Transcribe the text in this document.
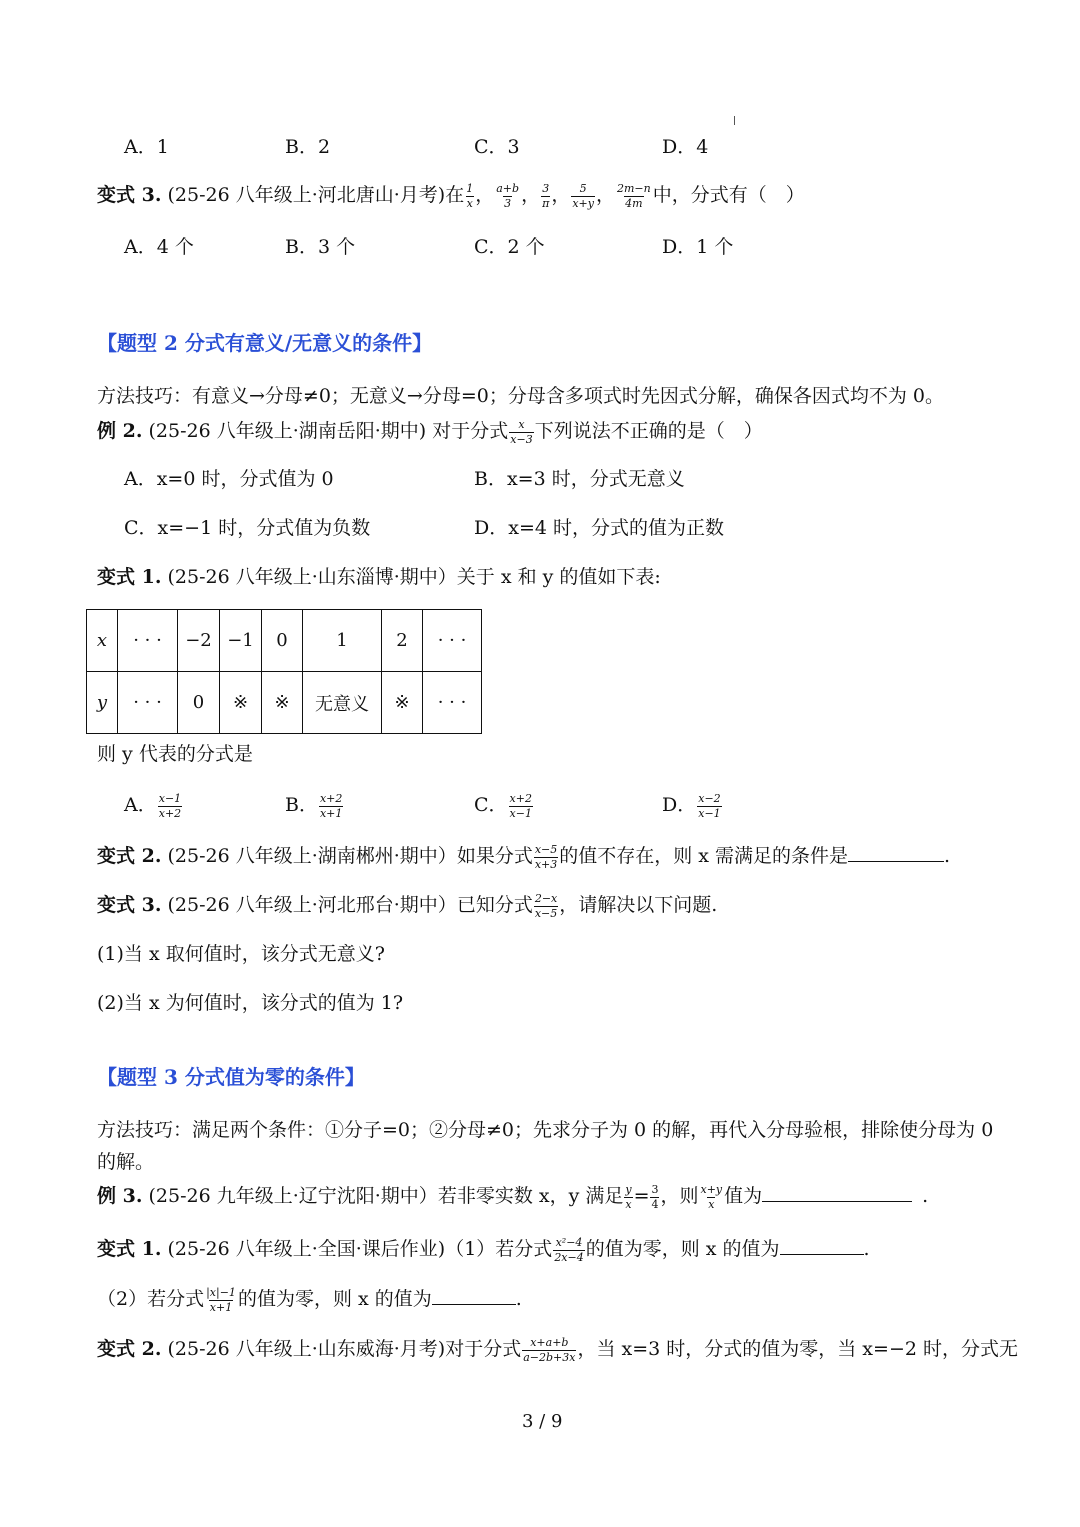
A．1	B．2	C．3	D．4
变式 3. (25-26 八年级上·河北唐山·月考)在 $\frac{1}{x}$ ， $\frac{a+b}{3}$ ， $\frac{3}{\pi}$ ， $\frac{5}{x+y}$ ， $\frac{2m-n}{4m}$ 中，分式有（　）
A．4 个	B．3 个	C．2 个	D．1 个
【题型 2 分式有意义/无意义的条件】
方法技巧：有意义→分母≠0；无意义→分母=0；分母含多项式时先因式分解，确保各因式均不为 0。
例 2. (25-26 八年级上·湖南岳阳·期中) 对于分式 $\frac{x}{x-3}$ 下列说法不正确的是（　）
A．x=0 时，分式值为 0	B．x=3 时，分式无意义
C．x=−1 时，分式值为负数	D．x=4 时，分式的值为正数
变式 1. (25-26 八年级上·山东淄博·期中）关于 x 和 y 的值如下表:
x	· · ·	−2	−1	0	1	2	· · ·
y	· · ·	0	※	※	无意义	※	· · ·
则 y 代表的分式是
A． $\frac{x-1}{x+2}$	B． $\frac{x+2}{x+1}$	C． $\frac{x+2}{x-1}$	D． $\frac{x-2}{x-1}$
变式 2. (25-26 八年级上·湖南郴州·期中）如果分式 $\frac{x-5}{x+3}$ 的值不存在，则 x 需满足的条件是	.
变式 3. (25-26 八年级上·河北邢台·期中）已知分式 $\frac{2-x}{x-5}$ ，请解决以下问题.
(1)当 x 取何值时，该分式无意义?
(2)当 x 为何值时，该分式的值为 1?
【题型 3 分式值为零的条件】
方法技巧：满足两个条件：①分子=0；②分母≠0；先求分子为 0 的解，再代入分母验根，排除使分母为 0
的解。
例 3. (25-26 九年级上·辽宁沈阳·期中）若非零实数 x，y 满足 $\frac{y}{x} = \frac{3}{4}$ ，则 $\frac{x+y}{x}$ 值为	.
变式 1. (25-26 八年级上·全国·课后作业)（1）若分式 $\frac{\text{x²−4}}{2x-4}$ 的值为零，则 x 的值为	.
（2）若分式 $\frac{|x|-1}{x+1}$ 的值为零，则 x 的值为	.
变式 2. (25-26 八年级上·山东威海·月考)对于分式 $\frac{x+a+b}{a-2b+3x}$ ，当 x=3 时，分式的值为零，当 x=−2 时，分式无
3 / 9
